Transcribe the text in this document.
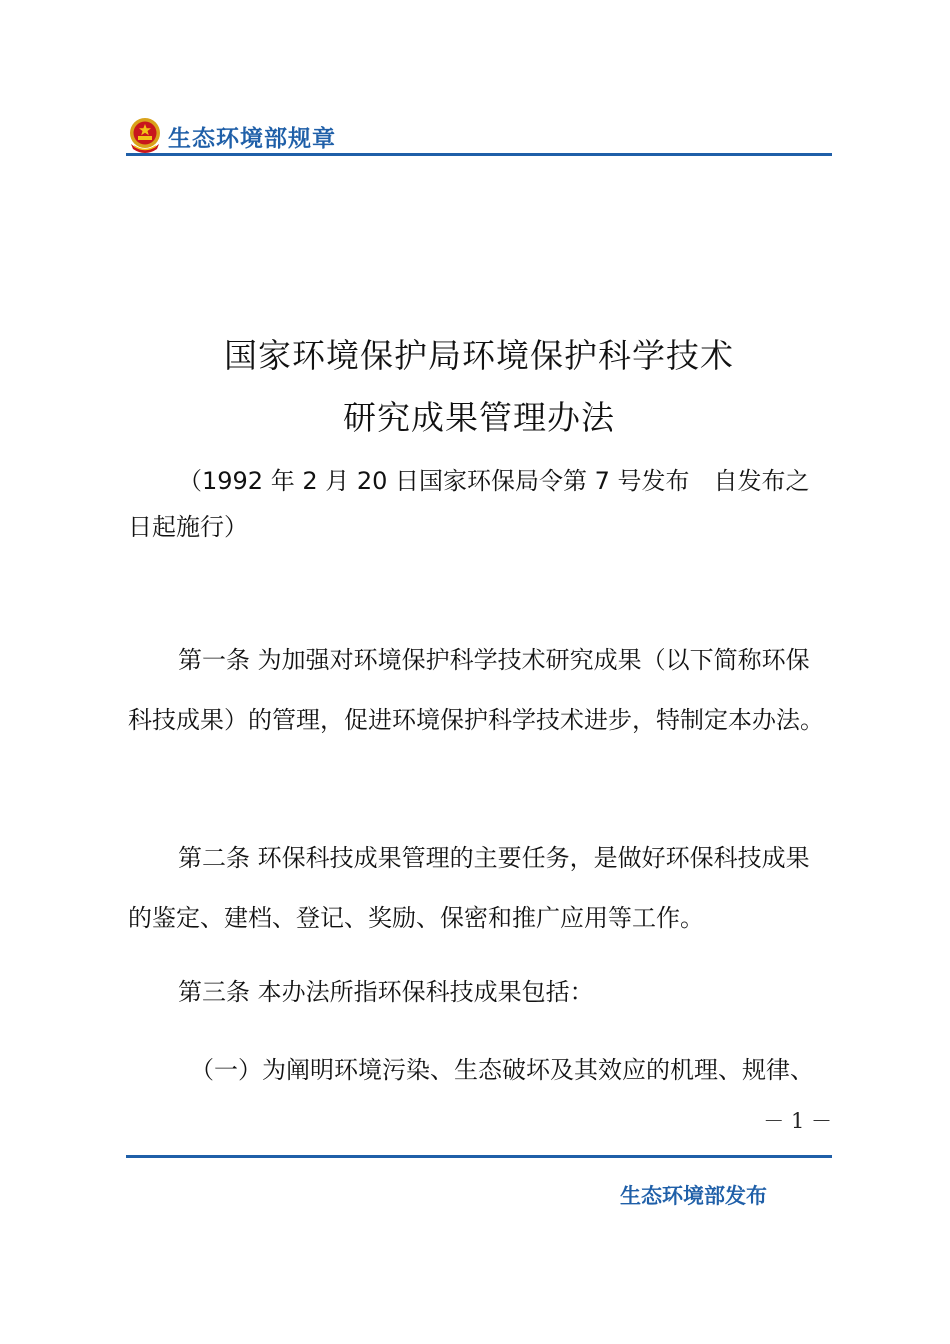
生态环境部规章
国家环境保护局环境保护科学技术
研究成果管理办法
（1992 年 2 月 20 日国家环保局令第 7 号发布　自发布之日起施行）
第一条 为加强对环境保护科学技术研究成果（以下简称环保科技成果）的管理，促进环境保护科学技术进步，特制定本办法。
第二条 环保科技成果管理的主要任务，是做好环保科技成果的鉴定、建档、登记、奖励、保密和推广应用等工作。
第三条 本办法所指环保科技成果包括：
（一）为阐明环境污染、生态破坏及其效应的机理、规律、
－ 1 －
生态环境部发布
